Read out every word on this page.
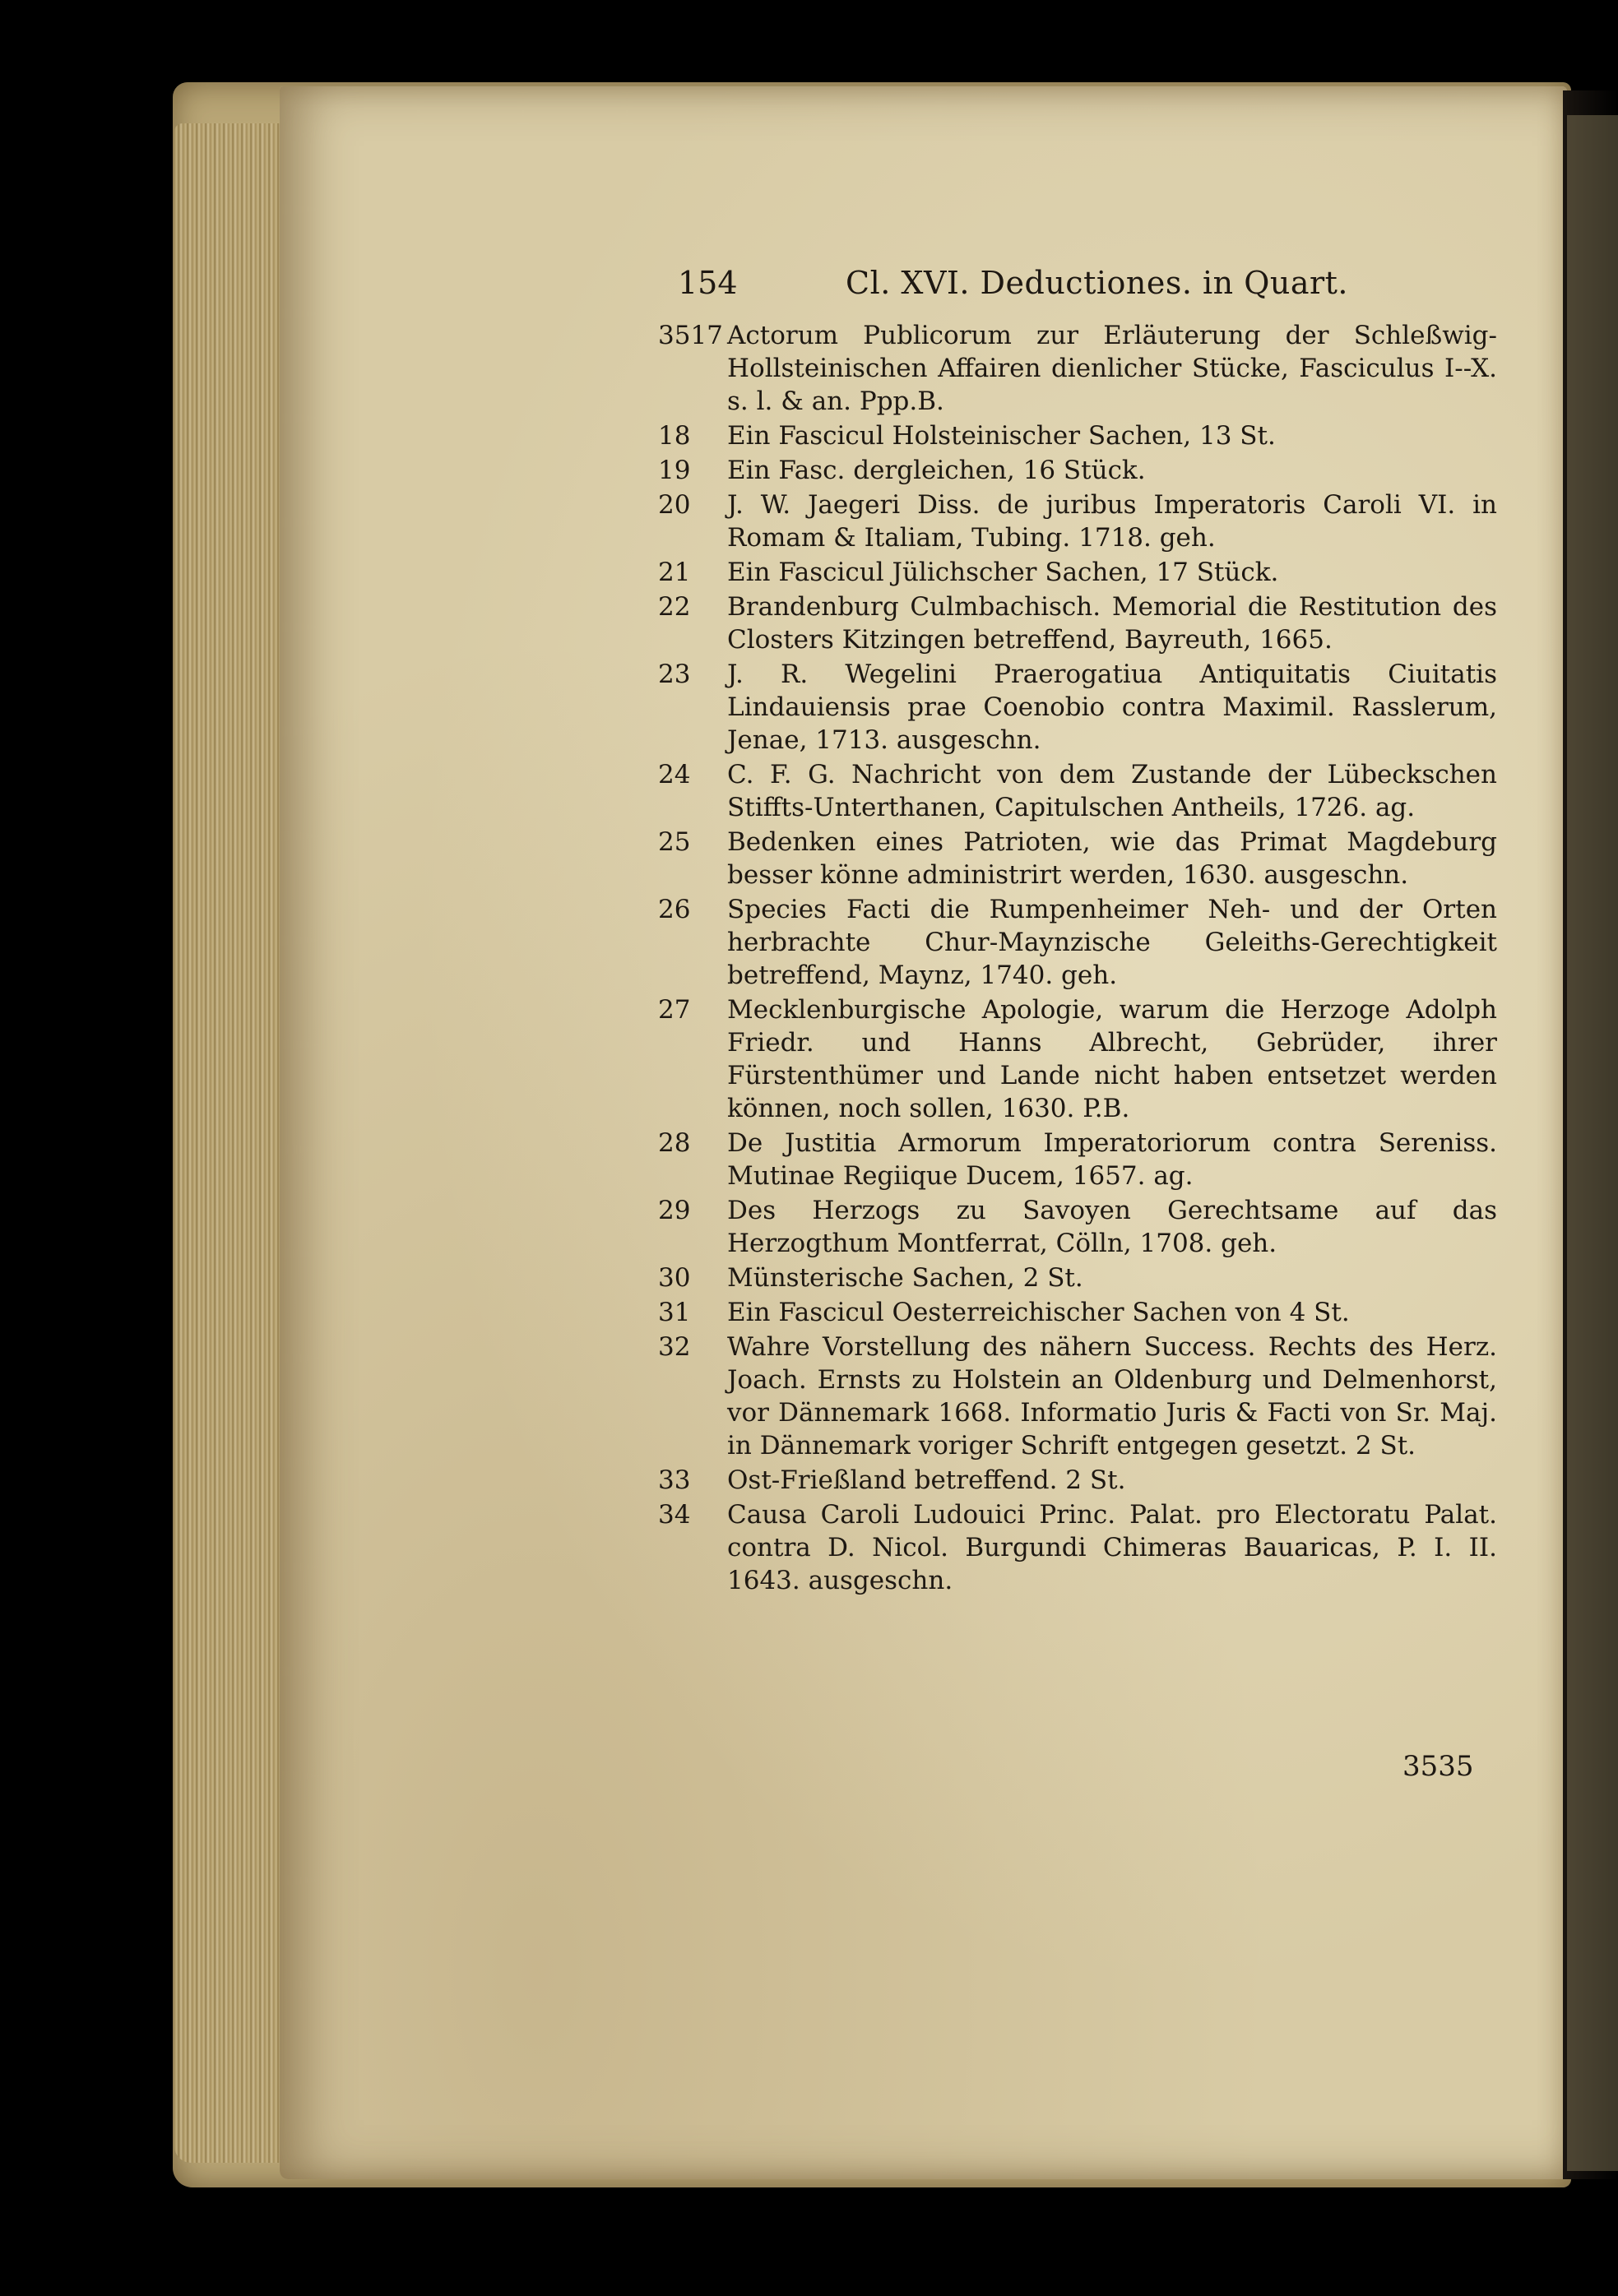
154	Cl. XVI. Deductiones. in Quart.
3517 Actorum Publicorum zur Erläuterung der Schleßwig-Hollsteinischen Affairen dienlicher Stücke, Fasciculus I--X. s. l. & an. Ppp.B.
18	Ein Fascicul Holsteinischer Sachen, 13 St.
19	Ein Fasc. dergleichen, 16 Stück.
20	J. W. Jaegeri Diss. de juribus Imperatoris Caroli VI. in Romam & Italiam, Tubing. 1718. geh.
21	Ein Fascicul Jülichscher Sachen, 17 Stück.
22	Brandenburg Culmbachisch. Memorial die Restitution des Closters Kitzingen betreffend, Bayreuth, 1665.
23	J. R. Wegelini Praerogatiua Antiquitatis Ciuitatis Lindauiensis prae Coenobio contra Maximil. Rasslerum, Jenae, 1713. ausgeschn.
24	C. F. G. Nachricht von dem Zustande der Lübeckschen Stiffts-Unterthanen, Capitulschen Antheils, 1726. ag.
25	Bedenken eines Patrioten, wie das Primat Magdeburg besser könne administrirt werden, 1630. ausgeschn.
26	Species Facti die Rumpenheimer Neh- und der Orten herbrachte Chur-Maynzische Geleiths-Gerechtigkeit betreffend, Maynz, 1740. geh.
27	Mecklenburgische Apologie, warum die Herzoge Adolph Friedr. und Hanns Albrecht, Gebrüder, ihrer Fürstenthümer und Lande nicht haben entsetzet werden können, noch sollen, 1630. P.B.
28	De Justitia Armorum Imperatoriorum contra Sereniss. Mutinae Regiique Ducem, 1657. ag.
29	Des Herzogs zu Savoyen Gerechtsame auf das Herzogthum Montferrat, Cölln, 1708. geh.
30	Münsterische Sachen, 2 St.
31	Ein Fascicul Oesterreichischer Sachen von 4 St.
32	Wahre Vorstellung des nähern Success. Rechts des Herz. Joach. Ernsts zu Holstein an Oldenburg und Delmenhorst, vor Dännemark 1668. Informatio Juris & Facti von Sr. Maj. in Dännemark voriger Schrift entgegen gesetzt. 2 St.
33	Ost-Frießland betreffend. 2 St.
34	Causa Caroli Ludouici Princ. Palat. pro Electoratu Palat. contra D. Nicol. Burgundi Chimeras Bauaricas, P. I. II. 1643. ausgeschn.
3535
